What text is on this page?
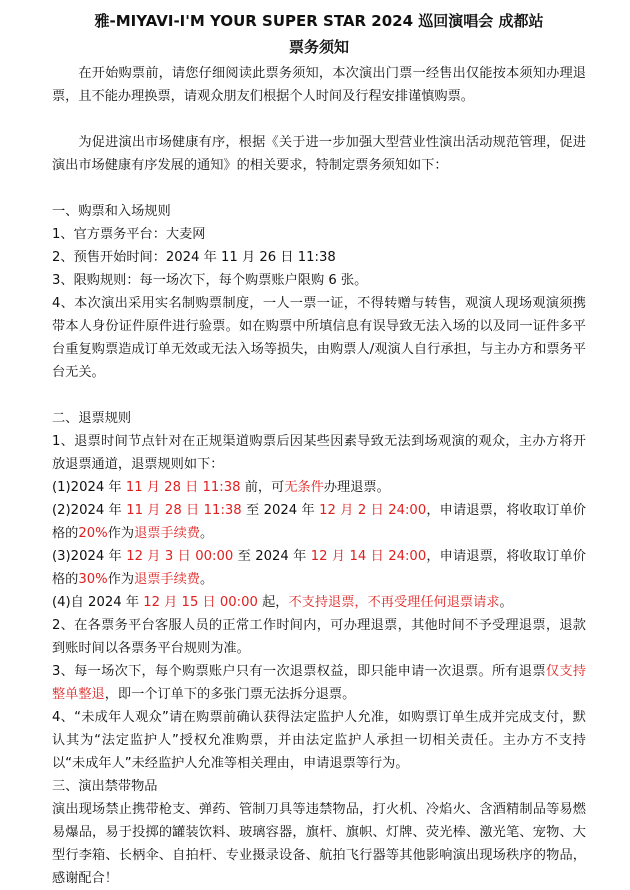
雅-MIYAVI-I'M YOUR SUPER STAR 2024 巡回演唱会 成都站
票务须知

在开始购票前，请您仔细阅读此票务须知，本次演出门票一经售出仅能按本须知办理退票，且不能办理换票，请观众朋友们根据个人时间及行程安排谨慎购票。

为促进演出市场健康有序，根据《关于进一步加强大型营业性演出活动规范管理，促进演出市场健康有序发展的通知》的相关要求，特制定票务须知如下：

一、购票和入场规则

1、官方票务平台：大麦网

2、预售开始时间：2024 年 11 月 26 日 11:38

3、限购规则：每一场次下，每个购票账户限购 6 张。

4、本次演出采用实名制购票制度，一人一票一证，不得转赠与转售，观演人现场观演须携带本人身份证件原件进行验票。如在购票中所填信息有误导致无法入场的以及同一证件多平台重复购票造成订单无效或无法入场等损失，由购票人/观演人自行承担，与主办方和票务平台无关。

二、退票规则

1、退票时间节点针对在正规渠道购票后因某些因素导致无法到场观演的观众，主办方将开放退票通道，退票规则如下：

(1)2024 年 11 月 28 日 11:38 前，可无条件办理退票。

(2)2024 年 11 月 28 日 11:38 至 2024 年 12 月 2 日 24:00，申请退票，将收取订单价格的20%作为退票手续费。

(3)2024 年 12 月 3 日 00:00 至 2024 年 12 月 14 日 24:00，申请退票，将收取订单价格的30%作为退票手续费。

(4)自 2024 年 12 月 15 日 00:00 起，不支持退票，不再受理任何退票请求。

2、在各票务平台客服人员的正常工作时间内，可办理退票，其他时间不予受理退票，退款到账时间以各票务平台规则为准。

3、每一场次下，每个购票账户只有一次退票权益，即只能申请一次退票。所有退票仅支持整单整退，即一个订单下的多张门票无法拆分退票。

4、“未成年人观众”请在购票前确认获得法定监护人允准，如购票订单生成并完成支付，默认其为“法定监护人”授权允准购票，并由法定监护人承担一切相关责任。主办方不支持以“未成年人”未经监护人允准等相关理由，申请退票等行为。

三、演出禁带物品

演出现场禁止携带枪支、弹药、管制刀具等违禁物品，打火机、冷焰火、含酒精制品等易燃易爆品，易于投掷的罐装饮料、玻璃容器，旗杆、旗帜、灯牌、荧光棒、激光笔、宠物、大型行李箱、长柄伞、自拍杆、专业摄录设备、航拍飞行器等其他影响演出现场秩序的物品，感谢配合！
